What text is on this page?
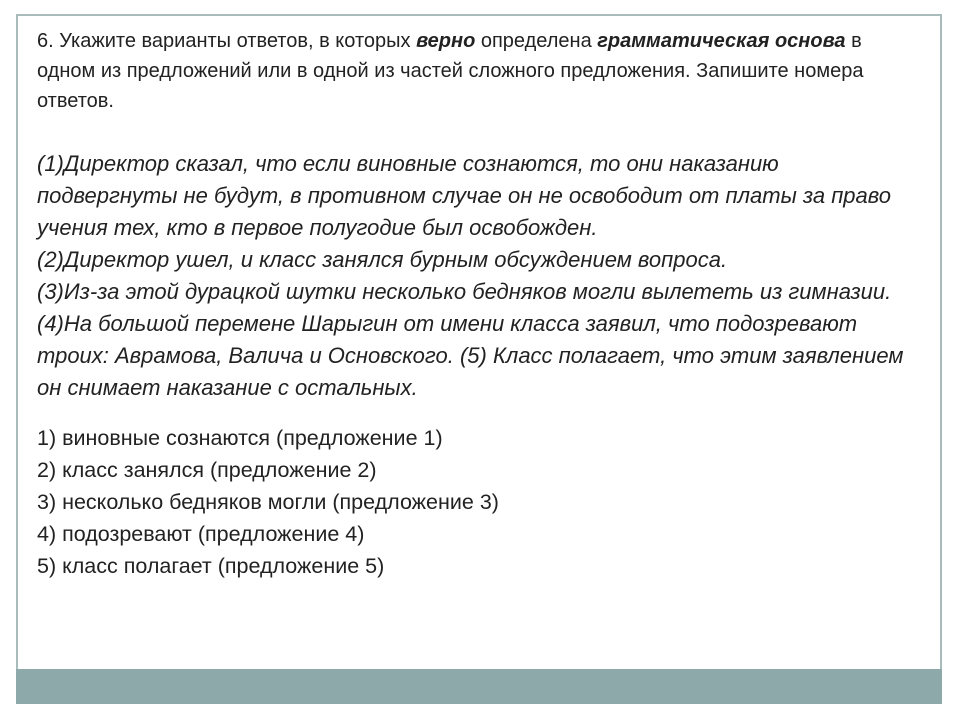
6. Укажите варианты ответов, в которых верно определена грамматическая основа в одном из предложений или в одной из частей сложного предложения. Запишите номера ответов.

(1)Директор сказал, что если виновные сознаются, то они наказанию подвергнуты не будут, в противном случае он не освободит от платы за право учения тех, кто в первое полугодие был освобожден.

(2)Директор ушел, и класс занялся бурным обсуждением вопроса.

(3)Из-за этой дурацкой шутки несколько бедняков могли вылететь из гимназии. (4)На большой перемене Шарыгин от имени класса заявил, что подозревают троих: Аврамова, Валича и Основского. (5) Класс полагает, что этим заявлением он снимает наказание с остальных.

1) виновные сознаются (предложение 1)
2) класс занялся (предложение 2)
3) несколько бедняков могли (предложение 3)
4) подозревают (предложение 4)
5) класс полагает (предложение 5)
